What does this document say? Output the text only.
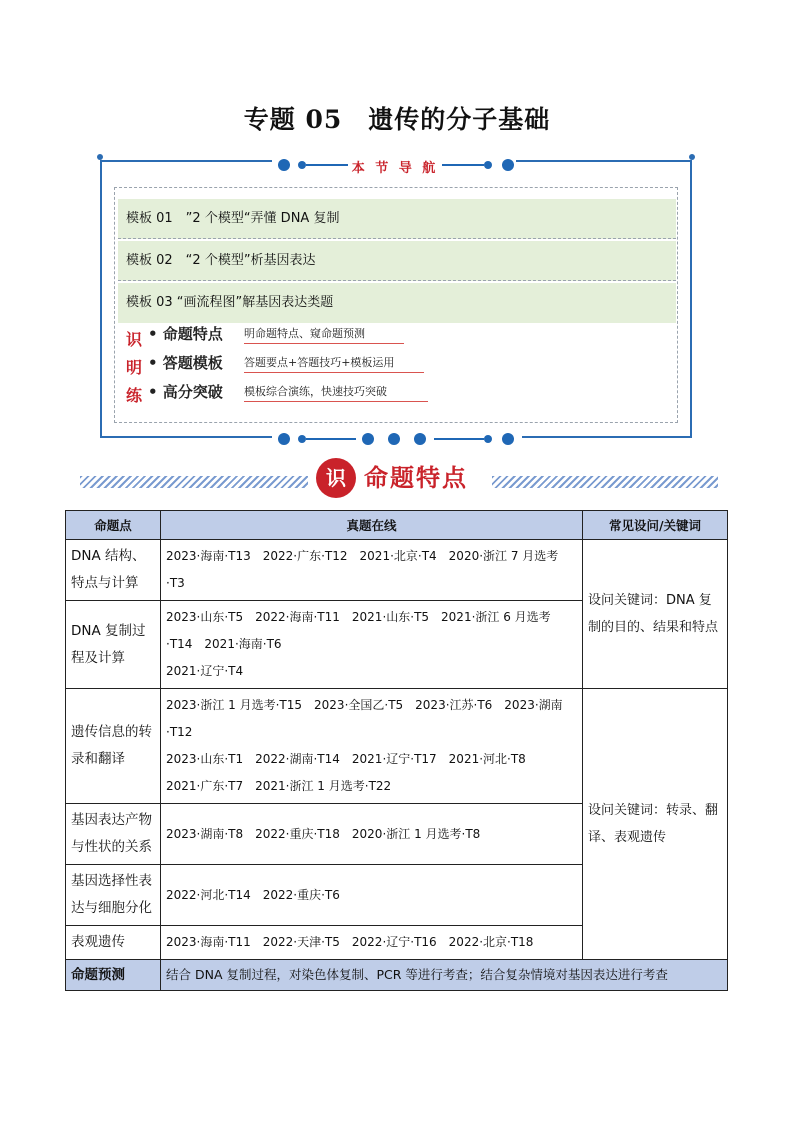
专题 05　遗传的分子基础
本 节 导 航
模板 01　”2 个模型“弄懂 DNA 复制
模板 02　“2 个模型”析基因表达
模板 03 “画流程图”解基因表达类题
识
明
练
• 命题特点 明命题特点、窥命题预测
• 答题模板 答题要点+答题技巧+模板运用
• 高分突破 模板综合演练，快速技巧突破
识 命题特点
命题点	真题在线	常见设问/关键词
DNA 结构、特点与计算	2023·海南·T13　2022·广东·T12　2021·北京·T4　2020·浙江 7 月选考·T3	设问关键词：DNA 复制的目的、结果和特点
DNA 复制过程及计算	2023·山东·T5　2022·海南·T11　2021·山东·T5　2021·浙江 6 月选考·T14　2021·海南·T6
2021·辽宁·T4	

遗传信息的转录和翻译	2023·浙江 1 月选考·T15　2023·全国乙·T5　2023·江苏·T6　2023·湖南·T12
2023·山东·T1　2022·湖南·T14　2021·辽宁·T17　2021·河北·T8
2021·广东·T7　2021·浙江 1 月选考·T22	设问关键词：转录、翻译、表观遗传
基因表达产物与性状的关系	2023·湖南·T8　2022·重庆·T18　2020·浙江 1 月选考·T8	

基因选择性表达与细胞分化	2022·河北·T14　2022·重庆·T6	

表观遗传	2023·海南·T11　2022·天津·T5　2022·辽宁·T16　2022·北京·T18	

命题预测	结合 DNA 复制过程，对染色体复制、PCR 等进行考查；结合复杂情境对基因表达进行考查	
